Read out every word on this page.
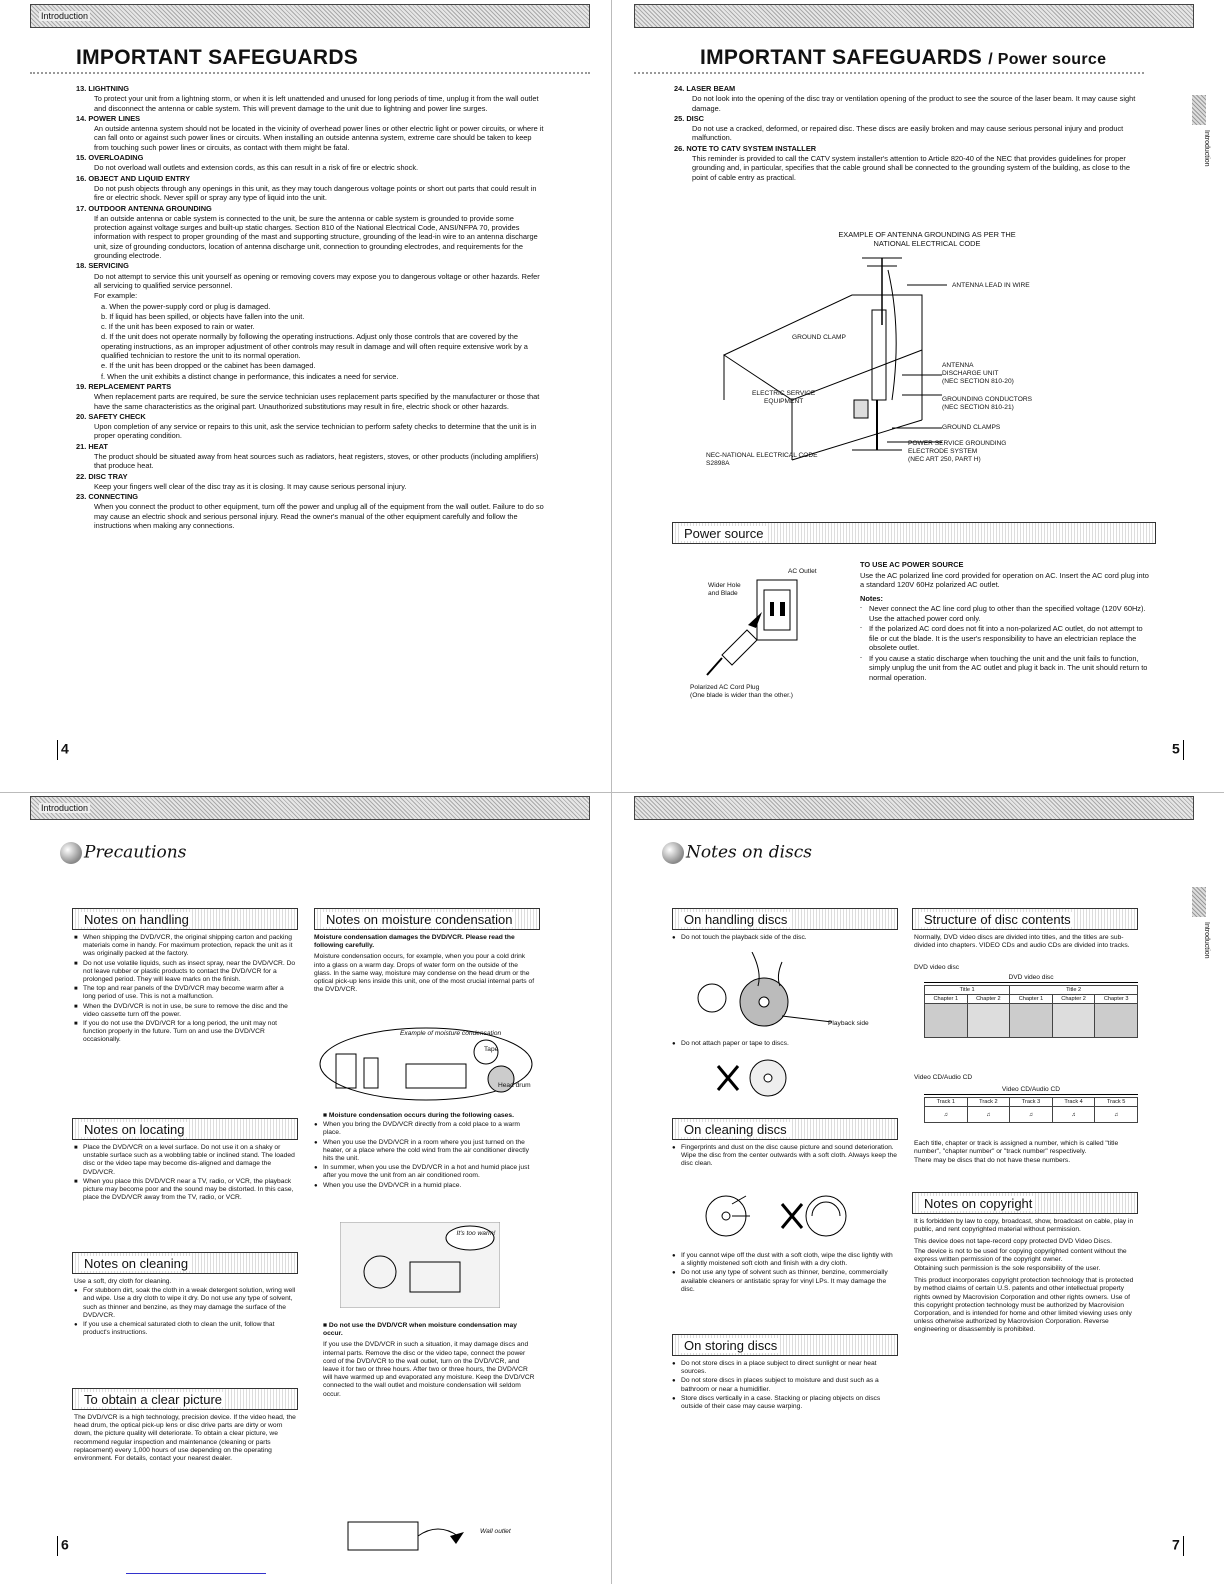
Introduction
IMPORTANT SAFEGUARDS

13. LIGHTNING

To protect your unit from a lightning storm, or when it is left unattended and unused for long periods of time, unplug it from the wall outlet and disconnect the antenna or cable system. This will prevent damage to the unit due to lightning and power line surges.

14. POWER LINES

An outside antenna system should not be located in the vicinity of overhead power lines or other electric light or power circuits, or where it can fall onto or against such power lines or circuits. When installing an outside antenna system, extreme care should be taken to keep from touching such power lines or circuits, as contact with them might be fatal.

15. OVERLOADING

Do not overload wall outlets and extension cords, as this can result in a risk of fire or electric shock.

16. OBJECT AND LIQUID ENTRY

Do not push objects through any openings in this unit, as they may touch dangerous voltage points or short out parts that could result in fire or electric shock. Never spill or spray any type of liquid into the unit.

17. OUTDOOR ANTENNA GROUNDING

If an outside antenna or cable system is connected to the unit, be sure the antenna or cable system is grounded to provide some protection against voltage surges and built-up static charges. Section 810 of the National Electrical Code, ANSI/NFPA 70, provides information with respect to proper grounding of the mast and supporting structure, grounding of the lead-in wire to an antenna discharge unit, size of grounding conductors, location of antenna discharge unit, connection to grounding electrodes, and requirements for the grounding electrode.

18. SERVICING

Do not attempt to service this unit yourself as opening or removing covers may expose you to dangerous voltage or other hazards. Refer all servicing to qualified service personnel.

For example:

a. When the power-supply cord or plug is damaged.

b. If liquid has been spilled, or objects have fallen into the unit.

c. If the unit has been exposed to rain or water.

d. If the unit does not operate normally by following the operating instructions. Adjust only those controls that are covered by the operating instructions, as an improper adjustment of other controls may result in damage and will often require extensive work by a qualified technician to restore the unit to its normal operation.

e. If the unit has been dropped or the cabinet has been damaged.

f. When the unit exhibits a distinct change in performance, this indicates a need for service.

19. REPLACEMENT PARTS

When replacement parts are required, be sure the service technician uses replacement parts specified by the manufacturer or those that have the same characteristics as the original part. Unauthorized substitutions may result in fire, electric shock or other hazards.

20. SAFETY CHECK

Upon completion of any service or repairs to this unit, ask the service technician to perform safety checks to determine that the unit is in proper operating condition.

21. HEAT

The product should be situated away from heat sources such as radiators, heat registers, stoves, or other products (including amplifiers) that produce heat.

22. DISC TRAY

Keep your fingers well clear of the disc tray as it is closing. It may cause serious personal injury.

23. CONNECTING

When you connect the product to other equipment, turn off the power and unplug all of the equipment from the wall outlet. Failure to do so may cause an electric shock and serious personal injury. Read the owner's manual of the other equipment carefully and follow the instructions when making any connections.

4
IMPORTANT SAFEGUARDS / Power source
Introduction

24. LASER BEAM

Do not look into the opening of the disc tray or ventilation opening of the product to see the source of the laser beam. It may cause sight damage.

25. DISC

Do not use a cracked, deformed, or repaired disc. These discs are easily broken and may cause serious personal injury and product malfunction.

26. NOTE TO CATV SYSTEM INSTALLER

This reminder is provided to call the CATV system installer's attention to Article 820-40 of the NEC that provides guidelines for proper grounding and, in particular, specifies that the cable ground shall be connected to the grounding system of the building, as close to the point of cable entry as practical.

EXAMPLE OF ANTENNA GROUNDING AS PER THE
NATIONAL ELECTRICAL CODE
ANTENNA LEAD IN WIRE
GROUND CLAMP
ELECTRIC SERVICE
EQUIPMENT
ANTENNA
DISCHARGE UNIT
(NEC SECTION 810-20)
GROUNDING CONDUCTORS
(NEC SECTION 810-21)
GROUND CLAMPS
POWER SERVICE GROUNDING
ELECTRODE SYSTEM
(NEC ART 250, PART H)
NEC-NATIONAL ELECTRICAL CODE
S2898A
Power source
AC Outlet
Wider Hole
and Blade
Polarized AC Cord Plug
(One blade is wider than the other.)

TO USE AC POWER SOURCE

Use the AC polarized line cord provided for operation on AC. Insert the AC cord plug into a standard 120V 60Hz polarized AC outlet.

Notes:

- Never connect the AC line cord plug to other than the specified voltage (120V 60Hz). Use the attached power cord only.
- If the polarized AC cord does not fit into a non-polarized AC outlet, do not attempt to file or cut the blade. It is the user's responsibility to have an electrician replace the obsolete outlet.
- If you cause a static discharge when touching the unit and the unit fails to function, simply unplug the unit from the AC outlet and plug it back in. The unit should return to normal operation.
5
Introduction
Precautions
Notes on handling
■ When shipping the DVD/VCR, the original shipping carton and packing materials come in handy. For maximum protection, repack the unit as it was originally packed at the factory.
■ Do not use volatile liquids, such as insect spray, near the DVD/VCR. Do not leave rubber or plastic products to contact the DVD/VCR for a prolonged period. They will leave marks on the finish.
■ The top and rear panels of the DVD/VCR may become warm after a long period of use. This is not a malfunction.
■ When the DVD/VCR is not in use, be sure to remove the disc and the video cassette turn off the power.
■ If you do not use the DVD/VCR for a long period, the unit may not function properly in the future. Turn on and use the DVD/VCR occasionally.
Notes on locating
■ Place the DVD/VCR on a level surface. Do not use it on a shaky or unstable surface such as a wobbling table or inclined stand. The loaded disc or the video tape may become dis-aligned and damage the DVD/VCR.
■ When you place this DVD/VCR near a TV, radio, or VCR, the playback picture may become poor and the sound may be distorted. In this case, place the DVD/VCR away from the TV, radio, or VCR.
Notes on cleaning

Use a soft, dry cloth for cleaning.

● For stubborn dirt, soak the cloth in a weak detergent solution, wring well and wipe. Use a dry cloth to wipe it dry. Do not use any type of solvent, such as thinner and benzine, as they may damage the surface of the DVD/VCR.
● If you use a chemical saturated cloth to clean the unit, follow that product's instructions.
To obtain a clear picture
The DVD/VCR is a high technology, precision device. If the video head, the head drum, the optical pick-up lens or disc drive parts are dirty or worn down, the picture quality will deteriorate. To obtain a clear picture, we recommend regular inspection and maintenance (cleaning or parts replacement) every 1,000 hours of use depending on the operating environment. For details, contact your nearest dealer.
Notes on moisture condensation

Moisture condensation damages the DVD/VCR. Please read the following carefully.

Moisture condensation occurs, for example, when you pour a cold drink into a glass on a warm day. Drops of water form on the outside of the glass. In the same way, moisture may condense on the head drum or the optical pick-up lens inside this unit, one of the most crucial internal parts of the DVD/VCR.

Example of moisture condensation
Tape
Head drum

■ Moisture condensation occurs during the following cases.

● When you bring the DVD/VCR directly from a cold place to a warm place.
● When you use the DVD/VCR in a room where you just turned on the heater, or a place where the cold wind from the air conditioner directly hits the unit.
● In summer, when you use the DVD/VCR in a hot and humid place just after you move the unit from an air conditioned room.
● When you use the DVD/VCR in a humid place.
It's too warm!

■ Do not use the DVD/VCR when moisture condensation may occur.

If you use the DVD/VCR in such a situation, it may damage discs and internal parts. Remove the disc or the video tape, connect the power cord of the DVD/VCR to the wall outlet, turn on the DVD/VCR, and leave it for two or three hours. After two or three hours, the DVD/VCR will have warmed up and evaporated any moisture. Keep the DVD/VCR connected to the wall outlet and moisture condensation will seldom occur.

Wall outlet
6
Notes on discs
Introduction
On handling discs
● Do not touch the playback side of the disc.
Playback side
● Do not attach paper or tape to discs.
On cleaning discs
● Fingerprints and dust on the disc cause picture and sound deterioration. Wipe the disc from the center outwards with a soft cloth. Always keep the disc clean.
● If you cannot wipe off the dust with a soft cloth, wipe the disc lightly with a slightly moistened soft cloth and finish with a dry cloth.
● Do not use any type of solvent such as thinner, benzine, commercially available cleaners or antistatic spray for vinyl LPs. It may damage the disc.
On storing discs
● Do not store discs in a place subject to direct sunlight or near heat sources.
● Do not store discs in places subject to moisture and dust such as a bathroom or near a humidifier.
● Store discs vertically in a case. Stacking or placing objects on discs outside of their case may cause warping.
Structure of disc contents
Normally, DVD video discs are divided into titles, and the titles are sub-divided into chapters. VIDEO CDs and audio CDs are divided into tracks.
DVD video disc
DVD video disc
Title 1		Title 2		
Chapter 1	Chapter 2	Chapter 1	Chapter 2	Chapter 3

Video CD/Audio CD
Video CD/Audio CD
Track 1	Track 2	Track 3	Track 4	Track 5
♫	♫	♫	♫	♫

Each title, chapter or track is assigned a number, which is called "title number", "chapter number" or "track number" respectively.

There may be discs that do not have these numbers.

Notes on copyright

It is forbidden by law to copy, broadcast, show, broadcast on cable, play in public, and rent copyrighted material without permission.

This device does not tape-record copy protected DVD Video Discs.

The device is not to be used for copying copyrighted content without the express written permission of the copyright owner.

Obtaining such permission is the sole responsibility of the user.

This product incorporates copyright protection technology that is protected by method claims of certain U.S. patents and other intellectual property rights owned by Macrovision Corporation and other rights owners. Use of this copyright protection technology must be authorized by Macrovision Corporation, and is intended for home and other limited viewing uses only unless otherwise authorized by Macrovision Corporation. Reverse engineering or disassembly is prohibited.

7
